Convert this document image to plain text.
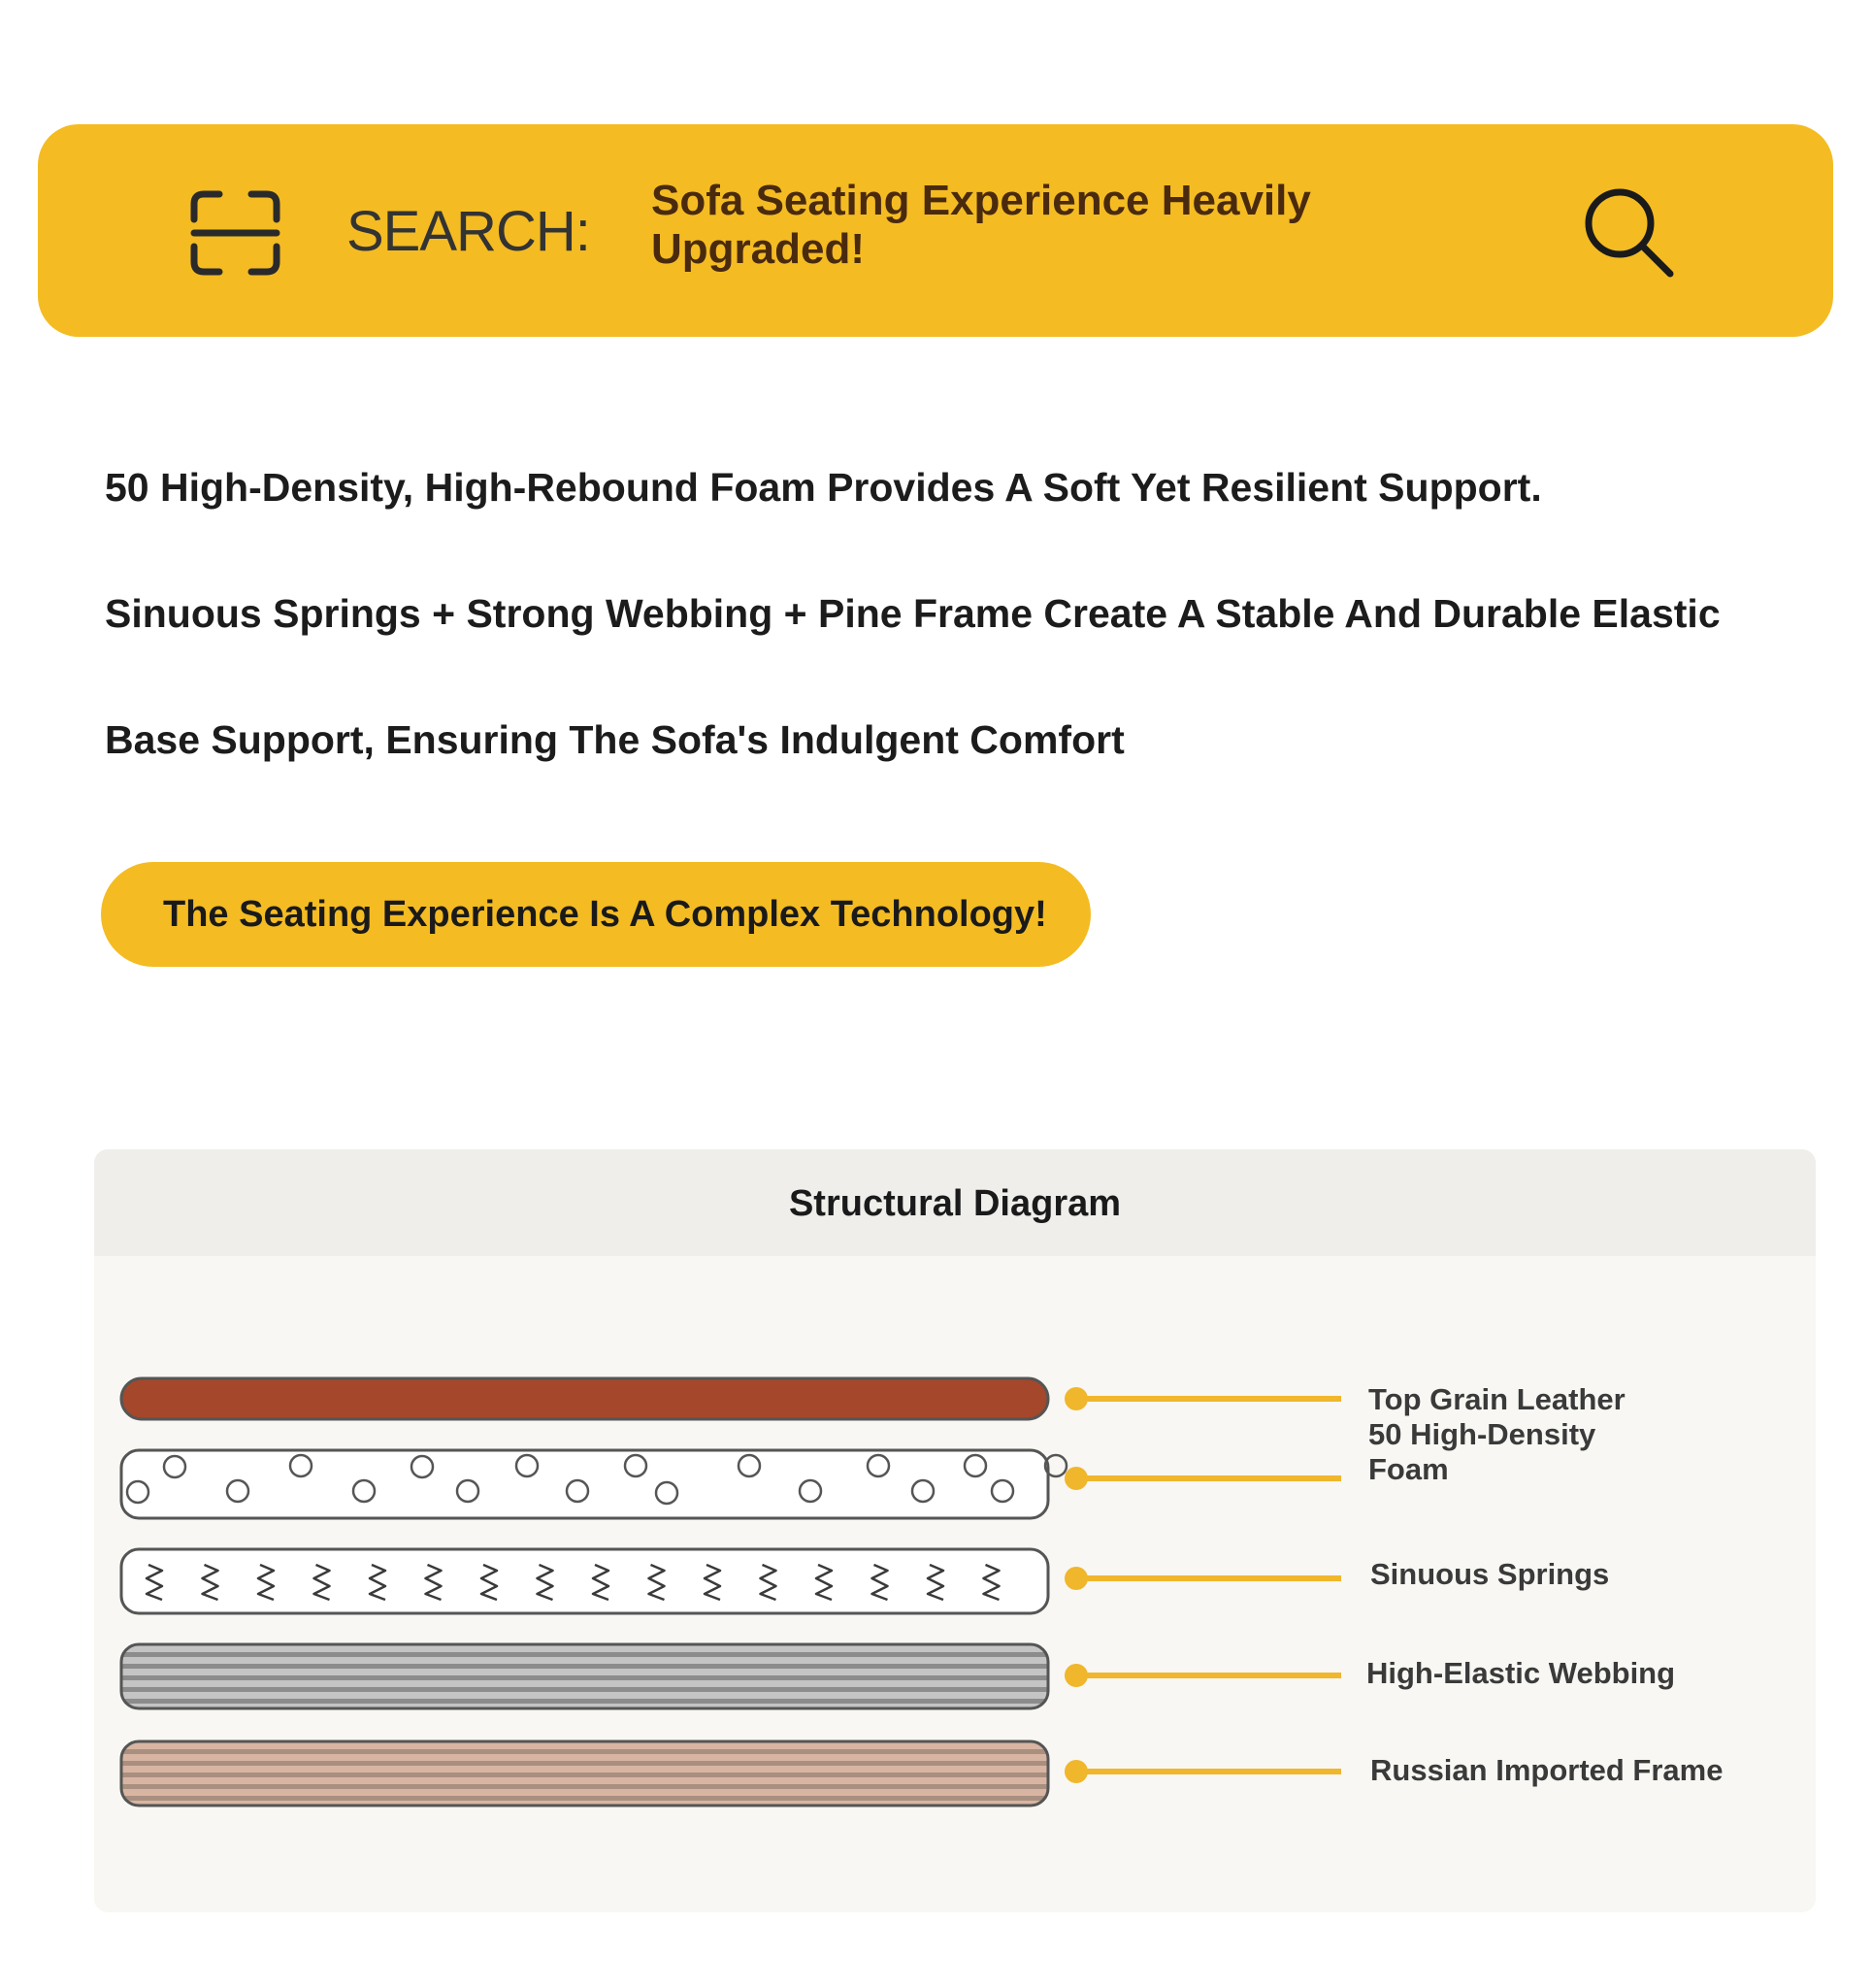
SEARCH: Sofa Seating Experience Heavily
Upgraded!
50 High-Density, High-Rebound Foam Provides A Soft Yet Resilient Support.
Sinuous Springs + Strong Webbing + Pine Frame Create A Stable And Durable Elastic
Base Support, Ensuring The Sofa's Indulgent Comfort
The Seating Experience Is A Complex Technology!
Structural Diagram
Top Grain Leather
50 High-Density
Foam
Sinuous Springs
High-Elastic Webbing
Russian Imported Frame
